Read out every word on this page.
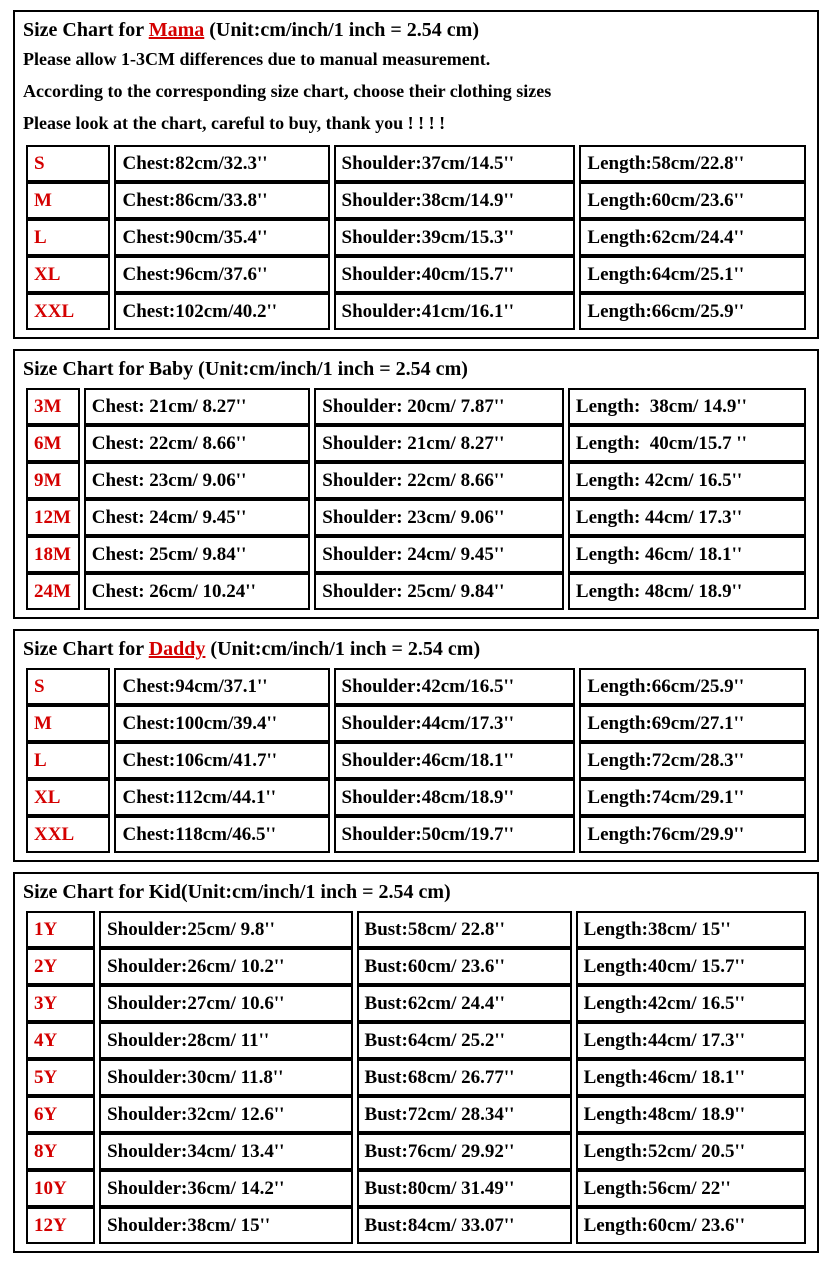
Size Chart for Mama (Unit:cm/inch/1 inch = 2.54 cm)

Please allow 1-3CM differences due to manual measurement.

According to the corresponding size chart, choose their clothing sizes

Please look at the chart, careful to buy, thank you ! ! ! !

S	Chest:82cm/32.3''	Shoulder:37cm/14.5''	Length:58cm/22.8''
M	Chest:86cm/33.8''	Shoulder:38cm/14.9''	Length:60cm/23.6''
L	Chest:90cm/35.4''	Shoulder:39cm/15.3''	Length:62cm/24.4''
XL	Chest:96cm/37.6''	Shoulder:40cm/15.7''	Length:64cm/25.1''
XXL	Chest:102cm/40.2''	Shoulder:41cm/16.1''	Length:66cm/25.9''
Size Chart for Baby (Unit:cm/inch/1 inch = 2.54 cm)
3M	Chest: 21cm/ 8.27''	Shoulder: 20cm/ 7.87''	Length:  38cm/ 14.9''
6M	Chest: 22cm/ 8.66''	Shoulder: 21cm/ 8.27''	Length:  40cm/15.7 ''
9M	Chest: 23cm/ 9.06''	Shoulder: 22cm/ 8.66''	Length: 42cm/ 16.5''
12M	Chest: 24cm/ 9.45''	Shoulder: 23cm/ 9.06''	Length: 44cm/ 17.3''
18M	Chest: 25cm/ 9.84''	Shoulder: 24cm/ 9.45''	Length: 46cm/ 18.1''
24M	Chest: 26cm/ 10.24''	Shoulder: 25cm/ 9.84''	Length: 48cm/ 18.9''
Size Chart for Daddy (Unit:cm/inch/1 inch = 2.54 cm)
S	Chest:94cm/37.1''	Shoulder:42cm/16.5''	Length:66cm/25.9''
M	Chest:100cm/39.4''	Shoulder:44cm/17.3''	Length:69cm/27.1''
L	Chest:106cm/41.7''	Shoulder:46cm/18.1''	Length:72cm/28.3''
XL	Chest:112cm/44.1''	Shoulder:48cm/18.9''	Length:74cm/29.1''
XXL	Chest:118cm/46.5''	Shoulder:50cm/19.7''	Length:76cm/29.9''
Size Chart for Kid(Unit:cm/inch/1 inch = 2.54 cm)
1Y	Shoulder:25cm/ 9.8''	Bust:58cm/ 22.8''	Length:38cm/ 15''
2Y	Shoulder:26cm/ 10.2''	Bust:60cm/ 23.6''	Length:40cm/ 15.7''
3Y	Shoulder:27cm/ 10.6''	Bust:62cm/ 24.4''	Length:42cm/ 16.5''
4Y	Shoulder:28cm/ 11''	Bust:64cm/ 25.2''	Length:44cm/ 17.3''
5Y	Shoulder:30cm/ 11.8''	Bust:68cm/ 26.77''	Length:46cm/ 18.1''
6Y	Shoulder:32cm/ 12.6''	Bust:72cm/ 28.34''	Length:48cm/ 18.9''
8Y	Shoulder:34cm/ 13.4''	Bust:76cm/ 29.92''	Length:52cm/ 20.5''
10Y	Shoulder:36cm/ 14.2''	Bust:80cm/ 31.49''	Length:56cm/ 22''
12Y	Shoulder:38cm/ 15''	Bust:84cm/ 33.07''	Length:60cm/ 23.6''
